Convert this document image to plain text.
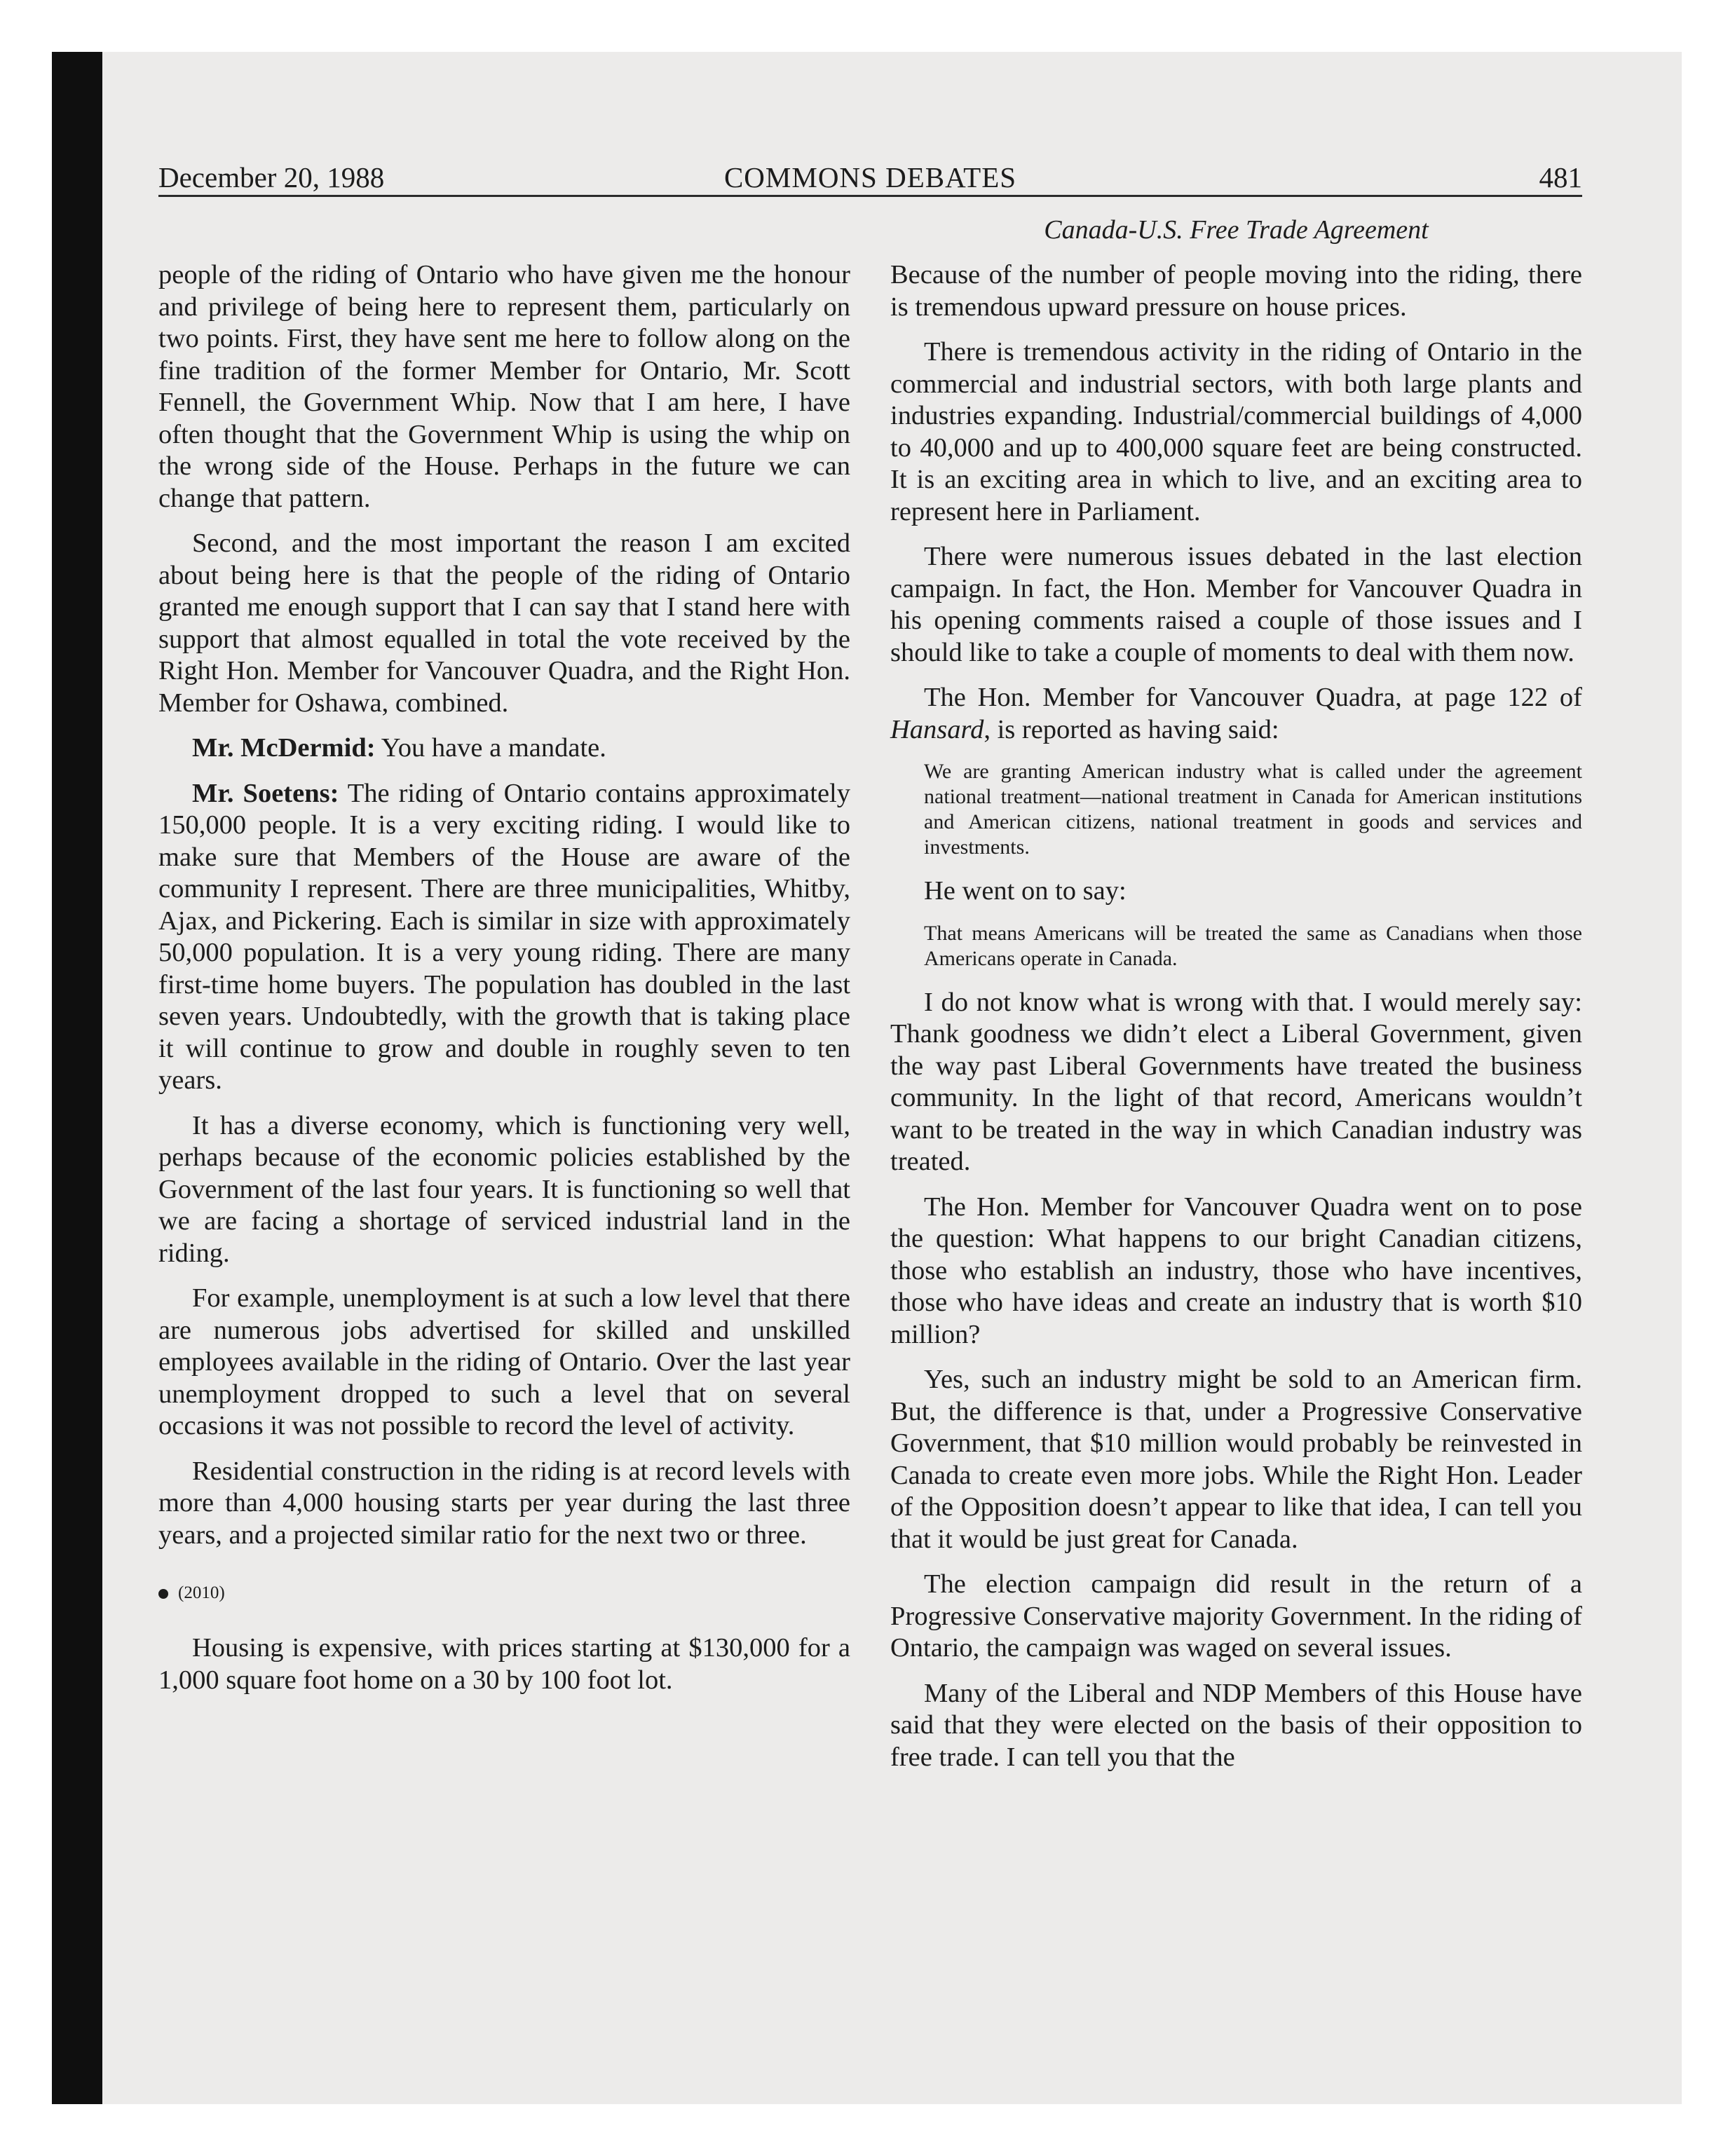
December 20, 1988	COMMONS DEBATES	481
Canada-U.S. Free Trade Agreement

people of the riding of Ontario who have given me the honour and privilege of being here to represent them, particularly on two points. First, they have sent me here to follow along on the fine tradition of the former Member for Ontario, Mr. Scott Fennell, the Government Whip. Now that I am here, I have often thought that the Government Whip is using the whip on the wrong side of the House. Perhaps in the future we can change that pattern.

Second, and the most important the reason I am excited about being here is that the people of the riding of Ontario granted me enough support that I can say that I stand here with support that almost equalled in total the vote received by the Right Hon. Member for Vancouver Quadra, and the Right Hon. Member for Oshawa, combined.

Mr. McDermid: You have a mandate.

Mr. Soetens: The riding of Ontario contains approximately 150,000 people. It is a very exciting riding. I would like to make sure that Members of the House are aware of the community I represent. There are three municipalities, Whitby, Ajax, and Pickering. Each is similar in size with approximately 50,000 population. It is a very young riding. There are many first-time home buyers. The population has doubled in the last seven years. Undoubtedly, with the growth that is taking place it will continue to grow and double in roughly seven to ten years.

It has a diverse economy, which is functioning very well, perhaps because of the economic policies established by the Government of the last four years. It is functioning so well that we are facing a shortage of serviced industrial land in the riding.

For example, unemployment is at such a low level that there are numerous jobs advertised for skilled and unskilled employees available in the riding of Ontario. Over the last year unemployment dropped to such a level that on several occasions it was not possible to record the level of activity.

Residential construction in the riding is at record levels with more than 4,000 housing starts per year during the last three years, and a projected similar ratio for the next two or three.

(2010)

Housing is expensive, with prices starting at $130,000 for a 1,000 square foot home on a 30 by 100 foot lot.

Because of the number of people moving into the riding, there is tremendous upward pressure on house prices.

There is tremendous activity in the riding of Ontario in the commercial and industrial sectors, with both large plants and industries expanding. Industrial/commercial buildings of 4,000 to 40,000 and up to 400,000 square feet are being constructed. It is an exciting area in which to live, and an exciting area to represent here in Parliament.

There were numerous issues debated in the last election campaign. In fact, the Hon. Member for Vancouver Quadra in his opening comments raised a couple of those issues and I should like to take a couple of moments to deal with them now.

The Hon. Member for Vancouver Quadra, at page 122 of Hansard, is reported as having said:

We are granting American industry what is called under the agreement national treatment—national treatment in Canada for American institutions and American citizens, national treatment in goods and services and investments.

He went on to say:

That means Americans will be treated the same as Canadians when those Americans operate in Canada.

I do not know what is wrong with that. I would merely say: Thank goodness we didn’t elect a Liberal Government, given the way past Liberal Governments have treated the business community. In the light of that record, Americans wouldn’t want to be treated in the way in which Canadian industry was treated.

The Hon. Member for Vancouver Quadra went on to pose the question: What happens to our bright Canadian citizens, those who establish an industry, those who have incentives, those who have ideas and create an industry that is worth $10 million?

Yes, such an industry might be sold to an American firm. But, the difference is that, under a Progressive Conservative Government, that $10 million would probably be reinvested in Canada to create even more jobs. While the Right Hon. Leader of the Opposition doesn’t appear to like that idea, I can tell you that it would be just great for Canada.

The election campaign did result in the return of a Progressive Conservative majority Government. In the riding of Ontario, the campaign was waged on several issues.

Many of the Liberal and NDP Members of this House have said that they were elected on the basis of their opposition to free trade. I can tell you that the
